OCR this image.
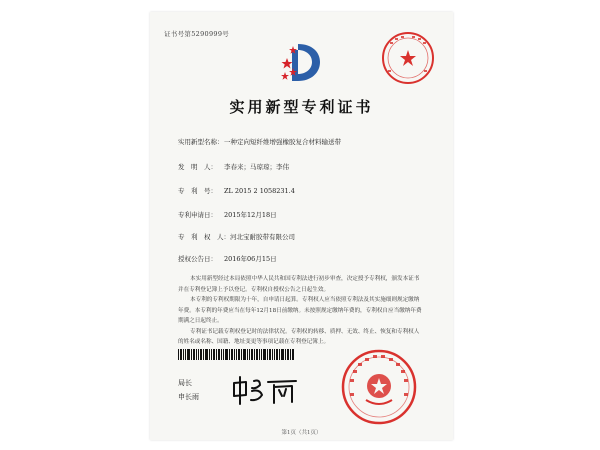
证书号第5290999号
实用新型专利证书
实用新型名称：一种定向短纤维增强橡胶复合材料输送带
发　明　人： 李春来；马琼琼；李伟
专　利　号： ZL 2015 2 1058231.4
专利申请日： 2015年12月18日
专　利　权　人：河北宝耐胶带有限公司
授权公告日： 2016年06月15日

本实用新型经过本局依照中华人民共和国专利法进行初步审查，决定授予专利权，颁发本证书并在专利登记簿上予以登记。专利权自授权公告之日起生效。

本专利的专利权期限为十年，自申请日起算。专利权人应当依照专利法及其实施细则规定缴纳年费。本专利的年费应当在每年12月18日前缴纳。未按照规定缴纳年费的，专利权自应当缴纳年费期满之日起终止。

专利证书记载专利权登记时的法律状况。专利权的转移、质押、无效、终止、恢复和专利权人的姓名或名称、国籍、地址变更等事项记载在专利登记簿上。

局长
申长雨
第1页（共1页）
